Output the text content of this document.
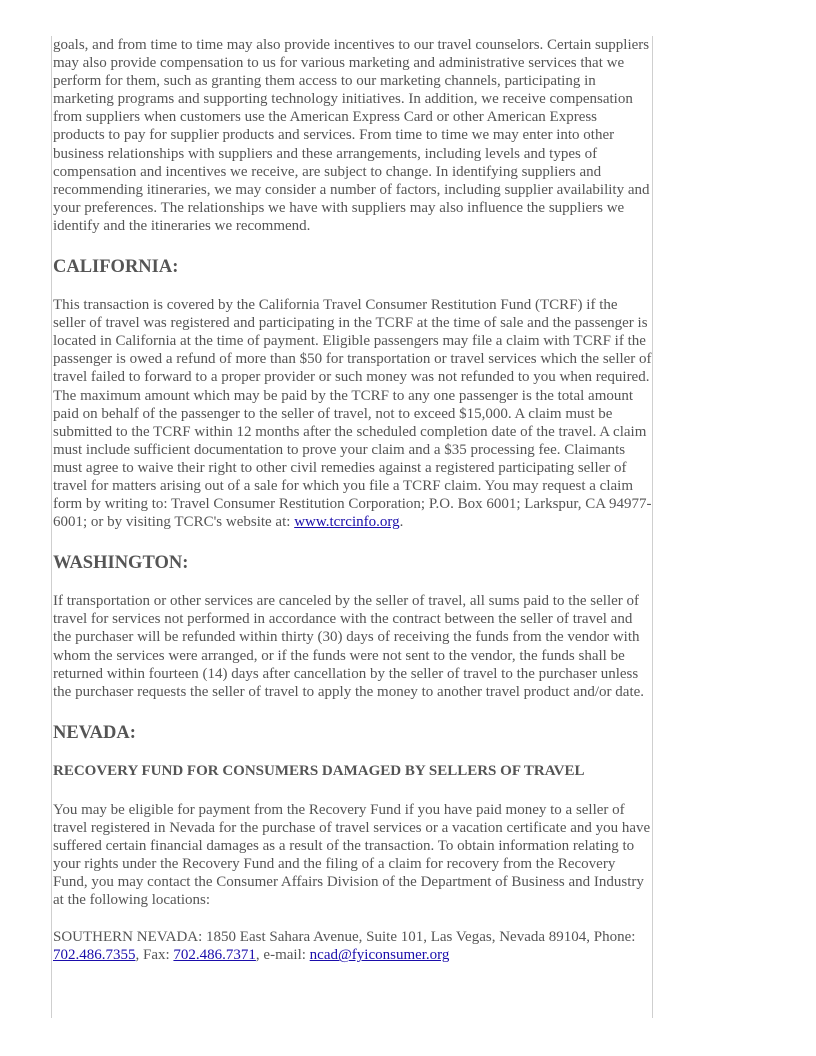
goals, and from time to time may also provide incentives to our travel counselors. Certain suppliers may also provide compensation to us for various marketing and administrative services that we perform for them, such as granting them access to our marketing channels, participating in marketing programs and supporting technology initiatives. In addition, we receive compensation from suppliers when customers use the American Express Card or other American Express products to pay for supplier products and services. From time to time we may enter into other business relationships with suppliers and these arrangements, including levels and types of compensation and incentives we receive, are subject to change. In identifying suppliers and recommending itineraries, we may consider a number of factors, including supplier availability and your preferences. The relationships we have with suppliers may also influence the suppliers we identify and the itineraries we recommend.

CALIFORNIA:

This transaction is covered by the California Travel Consumer Restitution Fund (TCRF) if the seller of travel was registered and participating in the TCRF at the time of sale and the passenger is located in California at the time of payment. Eligible passengers may file a claim with TCRF if the passenger is owed a refund of more than $50 for transportation or travel services which the seller of travel failed to forward to a proper provider or such money was not refunded to you when required. The maximum amount which may be paid by the TCRF to any one passenger is the total amount paid on behalf of the passenger to the seller of travel, not to exceed $15,000. A claim must be submitted to the TCRF within 12 months after the scheduled completion date of the travel. A claim must include sufficient documentation to prove your claim and a $35 processing fee. Claimants must agree to waive their right to other civil remedies against a registered participating seller of travel for matters arising out of a sale for which you file a TCRF claim. You may request a claim form by writing to: Travel Consumer Restitution Corporation; P.O. Box 6001; Larkspur, CA 94977-6001; or by visiting TCRC's website at: www.tcrcinfo.org.

WASHINGTON:

If transportation or other services are canceled by the seller of travel, all sums paid to the seller of travel for services not performed in accordance with the contract between the seller of travel and the purchaser will be refunded within thirty (30) days of receiving the funds from the vendor with whom the services were arranged, or if the funds were not sent to the vendor, the funds shall be returned within fourteen (14) days after cancellation by the seller of travel to the purchaser unless the purchaser requests the seller of travel to apply the money to another travel product and/or date.

NEVADA:
RECOVERY FUND FOR CONSUMERS DAMAGED BY SELLERS OF TRAVEL

You may be eligible for payment from the Recovery Fund if you have paid money to a seller of travel registered in Nevada for the purchase of travel services or a vacation certificate and you have suffered certain financial damages as a result of the transaction. To obtain information relating to your rights under the Recovery Fund and the filing of a claim for recovery from the Recovery Fund, you may contact the Consumer Affairs Division of the Department of Business and Industry at the following locations:

SOUTHERN NEVADA: 1850 East Sahara Avenue, Suite 101, Las Vegas, Nevada 89104, Phone: 702.486.7355, Fax: 702.486.7371, e-mail: ncad@fyiconsumer.org
